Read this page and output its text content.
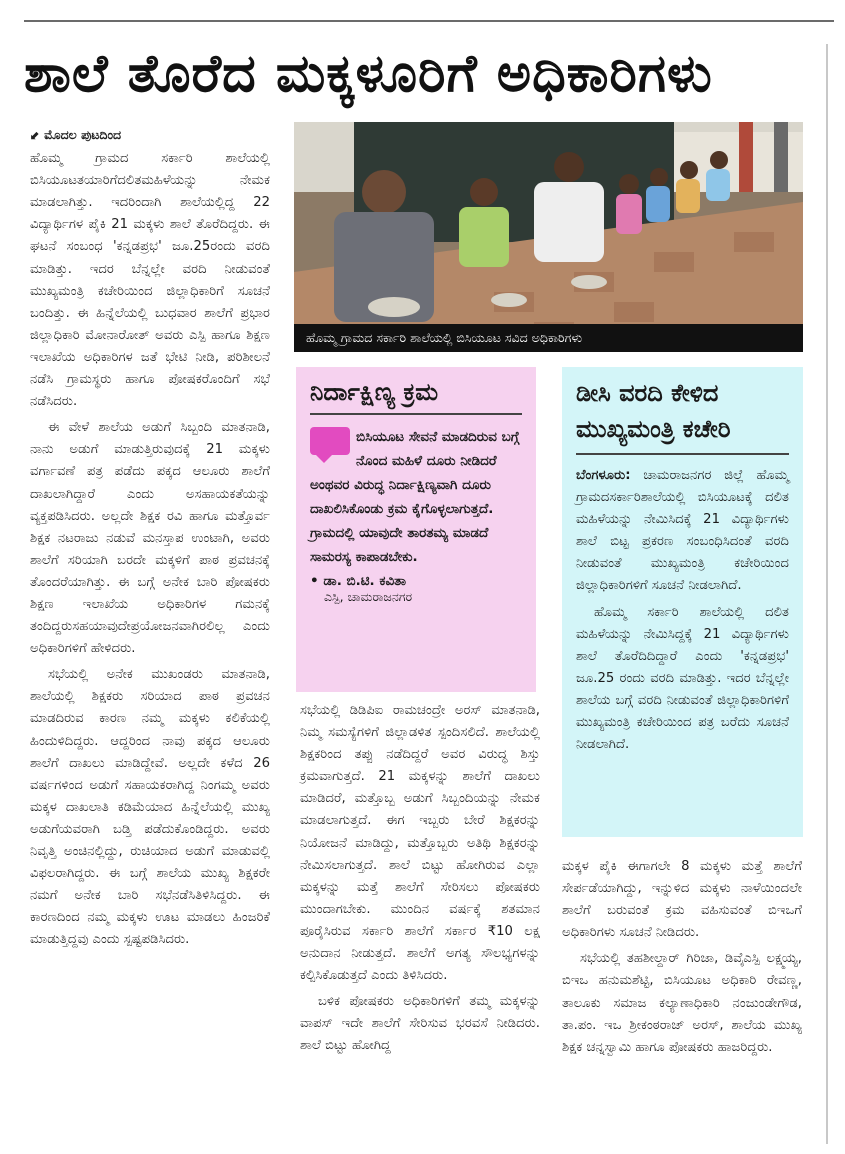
ಶಾಲೆ ತೊರೆದ ಮಕ್ಕಳೂರಿಗೆ ಅಧಿಕಾರಿಗಳು
⬋ ಮೊದಲ ಪುಟದಿಂದ

ಹೊಮ್ಮ ಗ್ರಾಮದ ಸರ್ಕಾರಿ ಶಾಲೆಯಲ್ಲಿ ಬಿಸಿಯೂಟತಯಾರಿಗೆದಲಿತಮಹಿಳೆಯನ್ನು ನೇಮಕ ಮಾಡಲಾಗಿತ್ತು. ಇದರಿಂದಾಗಿ ಶಾಲೆಯಲ್ಲಿದ್ದ 22 ವಿದ್ಯಾರ್ಥಿಗಳ ಪೈಕಿ 21 ಮಕ್ಕಳು ಶಾಲೆ ತೊರೆದಿದ್ದರು. ಈ ಘಟನೆ ಸಂಬಂಧ 'ಕನ್ನಡಪ್ರಭ' ಜೂ.25ರಂದು ವರದಿ ಮಾಡಿತ್ತು. ಇದರ ಬೆನ್ನಲ್ಲೇ ವರದಿ ನೀಡುವಂತೆ ಮುಖ್ಯಮಂತ್ರಿ ಕಚೇರಿಯಿಂದ ಜಿಲ್ಲಾಧಿಕಾರಿಗೆ ಸೂಚನೆ ಬಂದಿತ್ತು. ಈ ಹಿನ್ನೆಲೆಯಲ್ಲಿ ಬುಧವಾರ ಶಾಲೆಗೆ ಪ್ರಭಾರ ಜಿಲ್ಲಾಧಿಕಾರಿ ಮೋನಾರೋತ್ ಅವರು ಎಸ್ಪಿ ಹಾಗೂ ಶಿಕ್ಷಣ ಇಲಾಖೆಯ ಅಧಿಕಾರಿಗಳ ಜತೆ ಭೇಟಿ ನೀಡಿ, ಪರಿಶೀಲನೆ ನಡೆಸಿ ಗ್ರಾಮಸ್ಥರು ಹಾಗೂ ಪೋಷಕರೊಂದಿಗೆ ಸಭೆ ನಡೆಸಿದರು.

ಈ ವೇಳೆ ಶಾಲೆಯ ಅಡುಗೆ ಸಿಬ್ಬಂದಿ ಮಾತನಾಡಿ, ನಾನು ಅಡುಗೆ ಮಾಡುತ್ತಿರುವುದಕ್ಕೆ 21 ಮಕ್ಕಳು ವರ್ಗಾವಣೆ ಪತ್ರ ಪಡೆದು ಪಕ್ಕದ ಆಲೂರು ಶಾಲೆಗೆ ದಾಖಲಾಗಿದ್ದಾರೆ ಎಂದು ಅಸಹಾಯಕತೆಯನ್ನು ವ್ಯಕ್ತಪಡಿಸಿದರು. ಅಲ್ಲದೇ ಶಿಕ್ಷಕ ರವಿ ಹಾಗೂ ಮತ್ತೊರ್ವ ಶಿಕ್ಷಕ ನಟರಾಜು ನಡುವೆ ಮನಸ್ತಾಪ ಉಂಟಾಗಿ, ಅವರು ಶಾಲೆಗೆ ಸರಿಯಾಗಿ ಬರದೇ ಮಕ್ಕಳಿಗೆ ಪಾಠ ಪ್ರವಚನಕ್ಕೆ ತೊಂದರೆಯಾಗಿತ್ತು. ಈ ಬಗ್ಗೆ ಅನೇಕ ಬಾರಿ ಪೋಷಕರು ಶಿಕ್ಷಣ ಇಲಾಖೆಯ ಅಧಿಕಾರಿಗಳ ಗಮನಕ್ಕೆ ತಂದಿದ್ದರುಸಹಯಾವುದೇಪ್ರಯೋಜನವಾಗಿರಲಿಲ್ಲ ಎಂದು ಅಧಿಕಾರಿಗಳಿಗೆ ಹೇಳಿದರು.

ಸಭೆಯಲ್ಲಿ ಅನೇಕ ಮುಖಂಡರು ಮಾತನಾಡಿ, ಶಾಲೆಯಲ್ಲಿ ಶಿಕ್ಷಕರು ಸರಿಯಾದ ಪಾಠ ಪ್ರವಚನ ಮಾಡದಿರುವ ಕಾರಣ ನಮ್ಮ ಮಕ್ಕಳು ಕಲಿಕೆಯಲ್ಲಿ ಹಿಂದುಳಿದಿದ್ದರು. ಆದ್ದರಿಂದ ನಾವು ಪಕ್ಕದ ಆಲೂರು ಶಾಲೆಗೆ ದಾಖಲು ಮಾಡಿದ್ದೇವೆ. ಅಲ್ಲದೇ ಕಳೆದ 26 ವರ್ಷಗಳಿಂದ ಅಡುಗೆ ಸಹಾಯಕರಾಗಿದ್ದ ನಿಂಗಮ್ಮ ಅವರು ಮಕ್ಕಳ ದಾಖಲಾತಿ ಕಡಿಮೆಯಾದ ಹಿನ್ನೆಲೆಯಲ್ಲಿ ಮುಖ್ಯ ಅಡುಗೆಯವರಾಗಿ ಬಡ್ತಿ ಪಡೆದುಕೊಂಡಿದ್ದರು. ಅವರು ನಿವೃತ್ತಿ ಅಂಚಿನಲ್ಲಿದ್ದು, ರುಚಿಯಾದ ಅಡುಗೆ ಮಾಡುವಲ್ಲಿ ವಿಫಲರಾಗಿದ್ದರು. ಈ ಬಗ್ಗೆ ಶಾಲೆಯ ಮುಖ್ಯ ಶಿಕ್ಷಕರೇ ನಮಗೆ ಅನೇಕ ಬಾರಿ ಸಭೆನಡೆಸಿತಿಳಿಸಿದ್ದರು. ಈ ಕಾರಣದಿಂದ ನಮ್ಮ ಮಕ್ಕಳು ಊಟ ಮಾಡಲು ಹಿಂಜರಿಕೆ ಮಾಡುತ್ತಿದ್ದವು ಎಂದು ಸ್ಪಷ್ಟಪಡಿಸಿದರು.

ಹೊಮ್ಮ ಗ್ರಾಮದ ಸರ್ಕಾರಿ ಶಾಲೆಯಲ್ಲಿ ಬಿಸಿಯೂಟ ಸವಿದ ಅಧಿಕಾರಿಗಳು
ನಿರ್ದಾಕ್ಷಿಣ್ಯ ಕ್ರಮ
ಬಿಸಿಯೂಟ ಸೇವನೆ ಮಾಡದಿರುವ ಬಗ್ಗೆ ನೊಂದ ಮಹಿಳೆ ದೂರು ನೀಡಿದರೆ ಅಂಥವರ ವಿರುದ್ಧ ನಿರ್ದಾಕ್ಷಿಣ್ಯವಾಗಿ ದೂರು ದಾಖಲಿಸಿಕೊಂಡು ಕ್ರಮ ಕೈಗೊಳ್ಳಲಾಗುತ್ತದೆ. ಗ್ರಾಮದಲ್ಲಿ ಯಾವುದೇ ತಾರತಮ್ಯ ಮಾಡದೆ ಸಾಮರಸ್ಯ ಕಾಪಾಡಬೇಕು.
• ಡಾ. ಬಿ.ಟಿ. ಕವಿತಾ
ಎಸ್ಪಿ, ಚಾಮರಾಜನಗರ
ಡೀಸಿ ವರದಿ ಕೇಳಿದ ಮುಖ್ಯಮಂತ್ರಿ ಕಚೇರಿ

ಬೆಂಗಳೂರು: ಚಾಮರಾಜನಗರ ಜಿಲ್ಲೆ ಹೊಮ್ಮ ಗ್ರಾಮದಸರ್ಕಾರಿಶಾಲೆಯಲ್ಲಿ ಬಿಸಿಯೂಟಕ್ಕೆ ದಲಿತ ಮಹಿಳೆಯನ್ನು ನೇಮಿಸಿದಕ್ಕೆ 21 ವಿದ್ಯಾರ್ಥಿಗಳು ಶಾಲೆ ಬಿಟ್ಟ ಪ್ರಕರಣ ಸಂಬಂಧಿಸಿದಂತೆ ವರದಿ ನೀಡುವಂತೆ ಮುಖ್ಯಮಂತ್ರಿ ಕಚೇರಿಯಿಂದ ಜಿಲ್ಲಾಧಿಕಾರಿಗಳಿಗೆ ಸೂಚನೆ ನೀಡಲಾಗಿದೆ.

ಹೊಮ್ಮ ಸರ್ಕಾರಿ ಶಾಲೆಯಲ್ಲಿ ದಲಿತ ಮಹಿಳೆಯನ್ನು ನೇಮಿಸಿದ್ದಕ್ಕೆ 21 ವಿದ್ಯಾರ್ಥಿಗಳು ಶಾಲೆ ತೊರೆದಿದಿದ್ದಾರೆ ಎಂದು 'ಕನ್ನಡಪ್ರಭ' ಜೂ.25 ರಂದು ವರದಿ ಮಾಡಿತ್ತು. ಇದರ ಬೆನ್ನಲ್ಲೇ ಶಾಲೆಯ ಬಗ್ಗೆ ವರದಿ ನೀಡುವಂತೆ ಜಿಲ್ಲಾಧಿಕಾರಿಗಳಿಗೆ ಮುಖ್ಯಮಂತ್ರಿ ಕಚೇರಿಯಿಂದ ಪತ್ರ ಬರೆದು ಸೂಚನೆ ನೀಡಲಾಗಿದೆ.

ಸಭೆಯಲ್ಲಿ ಡಿಡಿಪಿಐ ರಾಮಚಂದ್ರೇ ಅರಸ್ ಮಾತನಾಡಿ, ನಿಮ್ಮ ಸಮಸ್ಯೆಗಳಿಗೆ ಜಿಲ್ಲಾಡಳಿತ ಸ್ಪಂದಿಸಲಿದೆ. ಶಾಲೆಯಲ್ಲಿ ಶಿಕ್ಷಕರಿಂದ ತಪ್ಪು ನಡೆದಿದ್ದರೆ ಅವರ ವಿರುದ್ಧ ಶಿಸ್ತು ಕ್ರಮವಾಗುತ್ತದೆ. 21 ಮಕ್ಕಳನ್ನು ಶಾಲೆಗೆ ದಾಖಲು ಮಾಡಿದರೆ, ಮತ್ತೊಬ್ಬ ಅಡುಗೆ ಸಿಬ್ಬಂದಿಯನ್ನು ನೇಮಕ ಮಾಡಲಾಗುತ್ತದೆ. ಈಗ ಇಬ್ಬರು ಬೇರೆ ಶಿಕ್ಷಕರನ್ನು ನಿಯೋಜನೆ ಮಾಡಿದ್ದು, ಮತ್ತೊಬ್ಬರು ಅತಿಥಿ ಶಿಕ್ಷಕರನ್ನು ನೇಮಿಸಲಾಗುತ್ತದೆ. ಶಾಲೆ ಬಿಟ್ಟು ಹೋಗಿರುವ ಎಲ್ಲಾ ಮಕ್ಕಳನ್ನು ಮತ್ತೆ ಶಾಲೆಗೆ ಸೇರಿಸಲು ಪೋಷಕರು ಮುಂದಾಗಬೇಕು. ಮುಂದಿನ ವರ್ಷಕ್ಕೆ ಶತಮಾನ ಪೂರೈಸಿರುವ ಸರ್ಕಾರಿ ಶಾಲೆಗೆ ಸರ್ಕಾರ ₹10 ಲಕ್ಷ ಅನುದಾನ ನೀಡುತ್ತದೆ. ಶಾಲೆಗೆ ಅಗತ್ಯ ಸೌಲಭ್ಯಗಳನ್ನು ಕಲ್ಪಿಸಿಕೊಡುತ್ತದೆ ಎಂದು ತಿಳಿಸಿದರು.

ಬಳಿಕ ಪೋಷಕರು ಅಧಿಕಾರಿಗಳಿಗೆ ತಮ್ಮ ಮಕ್ಕಳನ್ನು ವಾಪಸ್ ಇದೇ ಶಾಲೆಗೆ ಸೇರಿಸುವ ಭರವಸೆ ನೀಡಿದರು. ಶಾಲೆ ಬಿಟ್ಟು ಹೋಗಿದ್ದ

ಮಕ್ಕಳ ಪೈಕಿ ಈಗಾಗಲೇ 8 ಮಕ್ಕಳು ಮತ್ತೆ ಶಾಲೆಗೆ ಸೇರ್ಪಡೆಯಾಗಿದ್ದು, ಇನ್ನುಳಿದ ಮಕ್ಕಳು ನಾಳೆಯಿಂದಲೇ ಶಾಲೆಗೆ ಬರುವಂತೆ ಕ್ರಮ ವಹಿಸುವಂತೆ ಬಿಇಒಗೆ ಅಧಿಕಾರಿಗಳು ಸೂಚನೆ ನೀಡಿದರು.

ಸಭೆಯಲ್ಲಿ ತಹಶೀಲ್ದಾರ್ ಗಿರಿಜಾ, ಡಿವೈಎಸ್ಪಿ ಲಕ್ಷ್ಮಯ್ಯ, ಬಿಇಒ ಹನುಮಶೆಟ್ಟಿ, ಬಿಸಿಯೂಟ ಅಧಿಕಾರಿ ರೇವಣ್ಣ, ತಾಲೂಕು ಸಮಾಜ ಕಲ್ಯಾಣಾಧಿಕಾರಿ ನಂಜುಂಡೇಗೌಡ, ತಾ.ಪಂ. ಇಒ ಶ್ರೀಕಂಠರಾಜ್ ಅರಸ್, ಶಾಲೆಯ ಮುಖ್ಯ ಶಿಕ್ಷಕ ಚನ್ನಸ್ವಾಮಿ ಹಾಗೂ ಪೋಷಕರು ಹಾಜರಿದ್ದರು.
